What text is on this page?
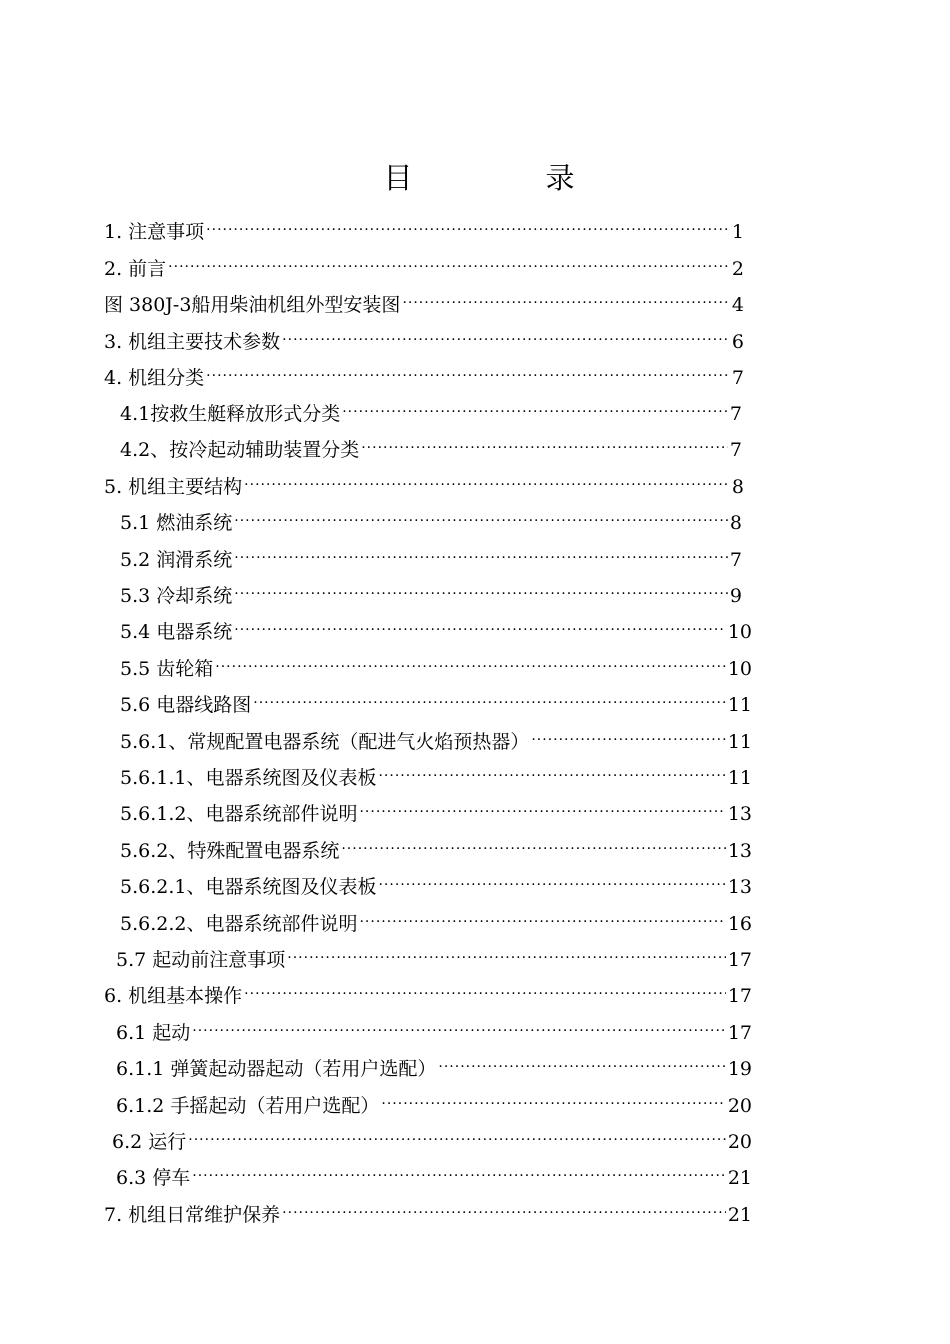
目　录
1. 注意事项 ·····	1
2. 前言 ·····	2
图 380J-3船用柴油机组外型安装图 ·····	4
3. 机组主要技术参数 ·····	6
4. 机组分类 ·····	7
4.1按救生艇释放形式分类 ·····	7
4.2、按冷起动辅助装置分类 ·····	7
5. 机组主要结构 ·····	8
5.1 燃油系统 ·····	8
5.2 润滑系统 ·····	7
5.3 冷却系统 ·····	9
5.4 电器系统 ·····	10
5.5 齿轮箱 ·····	10
5.6 电器线路图 ·····	11
5.6.1、常规配置电器系统（配进气火焰预热器） ·····	11
5.6.1.1、电器系统图及仪表板 ·····	11
5.6.1.2、电器系统部件说明 ·····	13
5.6.2、特殊配置电器系统 ·····	13
5.6.2.1、电器系统图及仪表板 ·····	13
5.6.2.2、电器系统部件说明 ·····	16
5.7 起动前注意事项 ·····	17
6. 机组基本操作 ·····	17
6.1 起动 ·····	17
6.1.1 弹簧起动器起动（若用户选配） ·····	19
6.1.2 手摇起动（若用户选配） ·····	20
6.2 运行 ·····	20
6.3 停车 ·····	21
7. 机组日常维护保养 ·····	21
